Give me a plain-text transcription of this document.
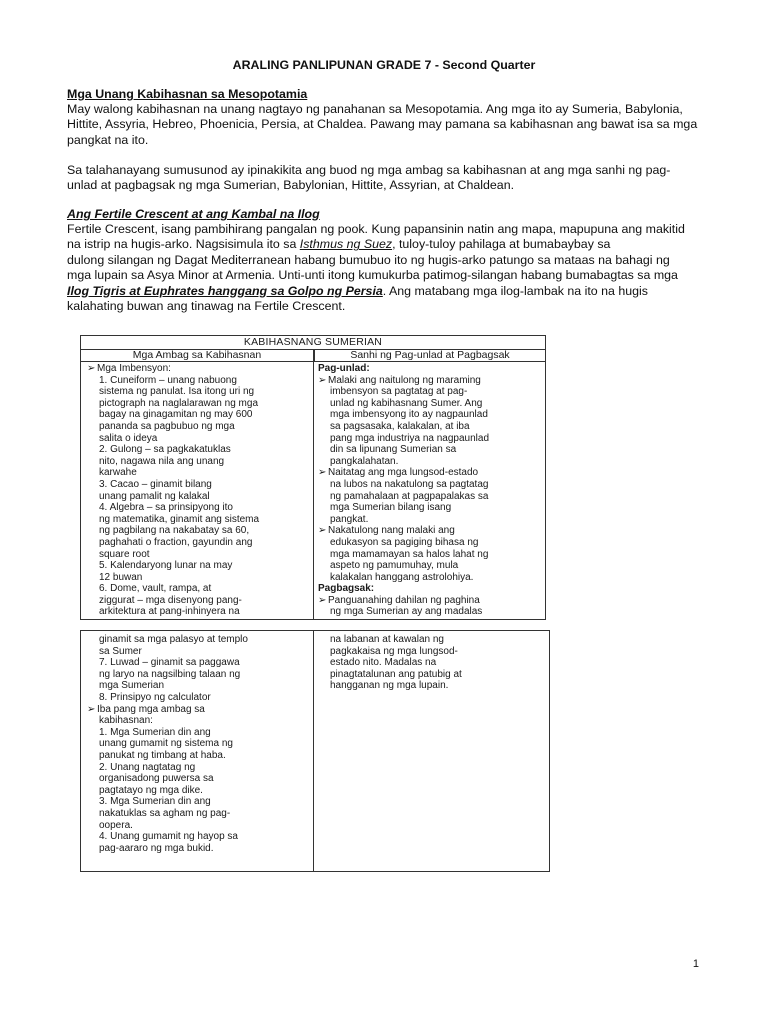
ARALING PANLIPUNAN GRADE 7 - Second Quarter
Mga Unang Kabihasnan sa Mesopotamia
May walong kabihasnan na unang nagtayo ng panahanan sa Mesopotamia. Ang mga ito ay Sumeria, Babylonia,
Hittite, Assyria, Hebreo, Phoenicia, Persia, at Chaldea. Pawang may pamana sa kabihasnan ang bawat isa sa mga
pangkat na ito.
Sa talahanayang sumusunod ay ipinakikita ang buod ng mga ambag sa kabihasnan at ang mga sanhi ng pag-
unlad at pagbagsak ng mga Sumerian, Babylonian, Hittite, Assyrian, at Chaldean.
Ang Fertile Crescent at ang Kambal na Ilog
Fertile Crescent, isang pambihirang pangalan ng pook. Kung papansinin natin ang mapa, mapupuna ang makitid
na istrip na hugis-arko. Nagsisimula ito sa Isthmus ng Suez, tuloy-tuloy pahilaga at bumabaybay sa
dulong silangan ng Dagat Mediterranean habang bumubuo ito ng hugis-arko patungo sa mataas na bahagi ng
mga lupain sa Asya Minor at Armenia. Unti-unti itong kumukurba patimog-silangan habang bumabagtas sa mga
Ilog Tigris at Euphrates hanggang sa Golpo ng Persia. Ang matabang mga ilog-lambak na ito na hugis
kalahating buwan ang tinawag na Fertile Crescent.
KABIHASNANG SUMERIAN
Mga Ambag sa Kabihasnan	Sanhi ng Pag-unlad at Pagbagsak
➢ Mga Imbensyon:
1. Cuneiform – unang nabuong
sistema ng panulat. Isa itong uri ng
pictograph na naglalarawan ng mga
bagay na ginagamitan ng may 600
pananda sa pagbubuo ng mga
salita o ideya
2. Gulong – sa pagkakatuklas
nito, nagawa nila ang unang
karwahe
3. Cacao – ginamit bilang
unang pamalit ng kalakal
4. Algebra – sa prinsipyong ito
ng matematika, ginamit ang sistema
ng pagbilang na nakabatay sa 60,
paghahati o fraction, gayundin ang
square root
5. Kalendaryong lunar na may
12 buwan
6. Dome, vault, rampa, at
ziggurat – mga disenyong pang-
arkitektura at pang-inhinyera na
Pag-unlad:
➢ Malaki ang naitulong ng maraming
imbensyon sa pagtatag at pag-
unlad ng kabihasnang Sumer. Ang
mga imbensyong ito ay nagpaunlad
sa pagsasaka, kalakalan, at iba
pang mga industriya na nagpaunlad
din sa lipunang Sumerian sa
pangkalahatan.
➢ Naitatag ang mga lungsod-estado
na lubos na nakatulong sa pagtatag
ng pamahalaan at pagpapalakas sa
mga Sumerian bilang isang
pangkat.
➢ Nakatulong nang malaki ang
edukasyon sa pagiging bihasa ng
mga mamamayan sa halos lahat ng
aspeto ng pamumuhay, mula
kalakalan hanggang astrolohiya.
Pagbagsak:
➢ Panguanahing dahilan ng paghina
ng mga Sumerian ay ang madalas
ginamit sa mga palasyo at templo
sa Sumer
7. Luwad – ginamit sa paggawa
ng laryo na nagsilbing talaan ng
mga Sumerian
8. Prinsipyo ng calculator
➢ Iba pang mga ambag sa
kabihasnan:
1. Mga Sumerian din ang
unang gumamit ng sistema ng
panukat ng timbang at haba.
2. Unang nagtatag ng
organisadong puwersa sa
pagtatayo ng mga dike.
3. Mga Sumerian din ang
nakatuklas sa agham ng pag-
oopera.
4. Unang gumamit ng hayop sa
pag-aararo ng mga bukid.
na labanan at kawalan ng
pagkakaisa ng mga lungsod-
estado nito. Madalas na
pinagtatalunan ang patubig at
hangganan ng mga lupain.
1
